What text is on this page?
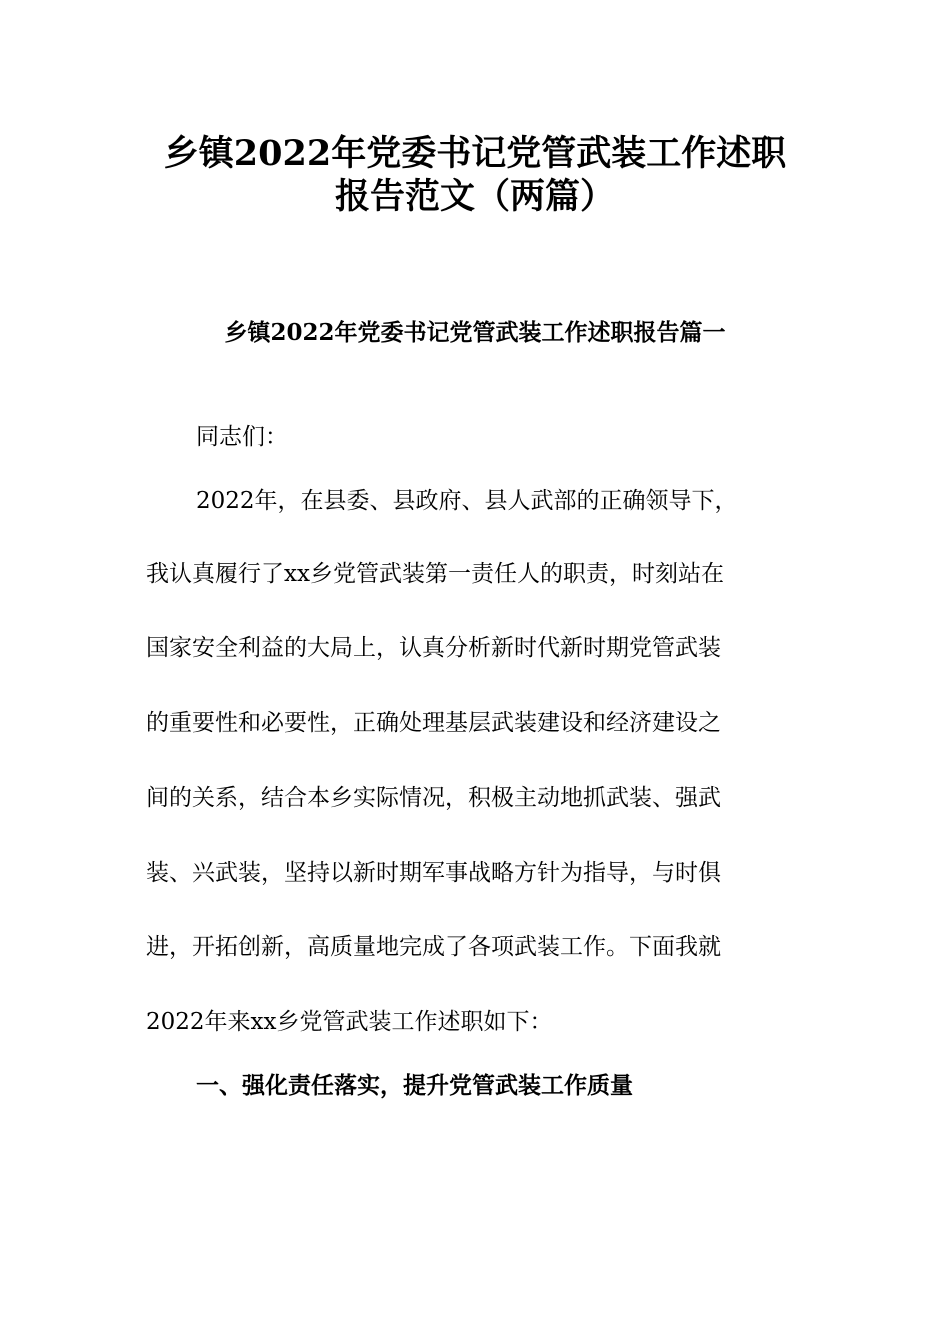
乡镇2022年党委书记党管武装工作述职
报告范文（两篇）
乡镇2022年党委书记党管武装工作述职报告篇一
同志们：
2022年，在县委、县政府、县人武部的正确领导下，
我认真履行了xx乡党管武装第一责任人的职责，时刻站在
国家安全利益的大局上，认真分析新时代新时期党管武装
的重要性和必要性，正确处理基层武装建设和经济建设之
间的关系，结合本乡实际情况，积极主动地抓武装、强武
装、兴武装，坚持以新时期军事战略方针为指导，与时俱
进，开拓创新，高质量地完成了各项武装工作。下面我就
2022年来xx乡党管武装工作述职如下：
一、强化责任落实，提升党管武装工作质量
